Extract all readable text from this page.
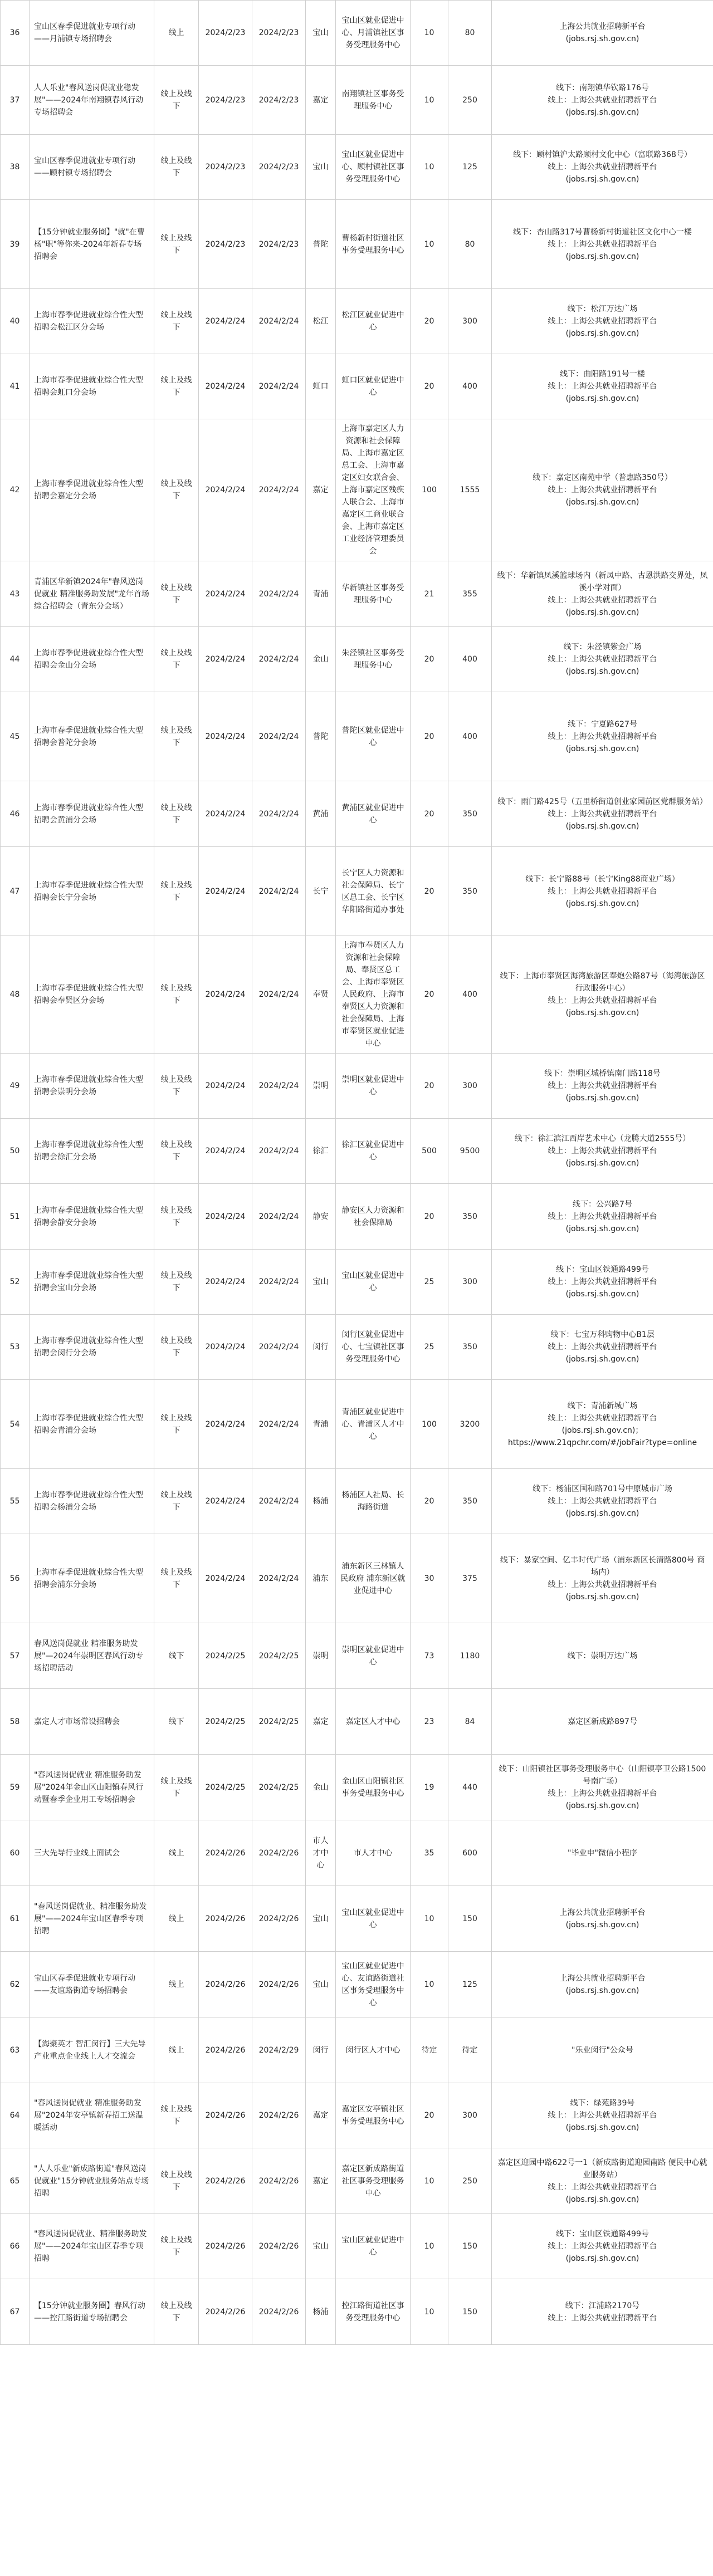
36	宝山区春季促进就业专项行动——月浦镇专场招聘会	线上	2024/2/23	2024/2/23	宝山	宝山区就业促进中心、月浦镇社区事务受理服务中心	10	80	上海公共就业招聘新平台
(jobs.rsj.sh.gov.cn)

37	人人乐业"春风送岗促就业稳发展"——2024年南翔镇春风行动专场招聘会	线上及线下	2024/2/23	2024/2/23	嘉定	南翔镇社区事务受理服务中心	10	250	线下：南翔镇华钦路176号
线上：上海公共就业招聘新平台
(jobs.rsj.sh.gov.cn)

38	宝山区春季促进就业专项行动——顾村镇专场招聘会	线上及线下	2024/2/23	2024/2/23	宝山	宝山区就业促进中心、顾村镇社区事务受理服务中心	10	125	线下：顾村镇沪太路顾村文化中心（富联路368号）
线上：上海公共就业招聘新平台
(jobs.rsj.sh.gov.cn)

39	【15分钟就业服务圈】"就"在曹杨"职"等你来-2024年新春专场招聘会	线上及线下	2024/2/23	2024/2/23	普陀	曹杨新村街道社区事务受理服务中心	10	80	线下：杏山路317号曹杨新村街道社区文化中心一楼
线上：上海公共就业招聘新平台
(jobs.rsj.sh.gov.cn)

40	上海市春季促进就业综合性大型招聘会松江区分会场	线上及线下	2024/2/24	2024/2/24	松江	松江区就业促进中心	20	300	线下：松江万达广场
线上：上海公共就业招聘新平台
(jobs.rsj.sh.gov.cn)

41	上海市春季促进就业综合性大型招聘会虹口分会场	线上及线下	2024/2/24	2024/2/24	虹口	虹口区就业促进中心	20	400	线下：曲阳路191号一楼
线上：上海公共就业招聘新平台
(jobs.rsj.sh.gov.cn)

42	上海市春季促进就业综合性大型招聘会嘉定分会场	线上及线下	2024/2/24	2024/2/24	嘉定	上海市嘉定区人力资源和社会保障局、上海市嘉定区总工会、上海市嘉定区妇女联合会、上海市嘉定区残疾人联合会、上海市嘉定区工商业联合会、上海市嘉定区工业经济管理委员会	100	1555	线下：嘉定区南苑中学（普惠路350号）
线上：上海公共就业招聘新平台
(jobs.rsj.sh.gov.cn)

43	青浦区华新镇2024年"春风送岗促就业 精准服务助发展"龙年首场综合招聘会（青东分会场）	线上及线下	2024/2/24	2024/2/24	青浦	华新镇社区事务受理服务中心	21	355	线下：华新镇凤溪篮球场内（新凤中路、古恩洪路交界处，凤溪小学对面）
线上：上海公共就业招聘新平台
(jobs.rsj.sh.gov.cn)

44	上海市春季促进就业综合性大型招聘会金山分会场	线上及线下	2024/2/24	2024/2/24	金山	朱泾镇社区事务受理服务中心	20	400	线下：朱泾镇紫金广场
线上：上海公共就业招聘新平台
(jobs.rsj.sh.gov.cn)

45	上海市春季促进就业综合性大型招聘会普陀分会场	线上及线下	2024/2/24	2024/2/24	普陀	普陀区就业促进中心	20	400	线下：宁夏路627号
线上：上海公共就业招聘新平台
(jobs.rsj.sh.gov.cn)

46	上海市春季促进就业综合性大型招聘会黄浦分会场	线上及线下	2024/2/24	2024/2/24	黄浦	黄浦区就业促进中心	20	350	线下：雨门路425号（五里桥街道创业家园前区党群服务站）
线上：上海公共就业招聘新平台
(jobs.rsj.sh.gov.cn)

47	上海市春季促进就业综合性大型招聘会长宁分会场	线上及线下	2024/2/24	2024/2/24	长宁	长宁区人力资源和社会保障局、长宁区总工会、长宁区华阳路街道办事处	20	350	线下：长宁路88号（长宁King88商业广场）
线上：上海公共就业招聘新平台
(jobs.rsj.sh.gov.cn)

48	上海市春季促进就业综合性大型招聘会奉贤区分会场	线上及线下	2024/2/24	2024/2/24	奉贤	上海市奉贤区人力资源和社会保障局、奉贤区总工会、上海市奉贤区人民政府、上海市奉贤区人力资源和社会保障局、上海市奉贤区就业促进中心	20	400	线下：上海市奉贤区海湾旅游区奉炮公路87号（海湾旅游区行政服务中心）
线上：上海公共就业招聘新平台
(jobs.rsj.sh.gov.cn)

49	上海市春季促进就业综合性大型招聘会崇明分会场	线上及线下	2024/2/24	2024/2/24	崇明	崇明区就业促进中心	20	300	线下：崇明区城桥镇南门路118号
线上：上海公共就业招聘新平台
(jobs.rsj.sh.gov.cn)

50	上海市春季促进就业综合性大型招聘会徐汇分会场	线上及线下	2024/2/24	2024/2/24	徐汇	徐汇区就业促进中心	500	9500	线下：徐汇滨江西岸艺术中心（龙腾大道2555号）
线上：上海公共就业招聘新平台
(jobs.rsj.sh.gov.cn)

51	上海市春季促进就业综合性大型招聘会静安分会场	线上及线下	2024/2/24	2024/2/24	静安	静安区人力资源和社会保障局	20	350	线下：公兴路7号
线上：上海公共就业招聘新平台
(jobs.rsj.sh.gov.cn)

52	上海市春季促进就业综合性大型招聘会宝山分会场	线上及线下	2024/2/24	2024/2/24	宝山	宝山区就业促进中心	25	300	线下：宝山区铁通路499号
线上：上海公共就业招聘新平台
(jobs.rsj.sh.gov.cn)

53	上海市春季促进就业综合性大型招聘会闵行分会场	线上及线下	2024/2/24	2024/2/24	闵行	闵行区就业促进中心、七宝镇社区事务受理服务中心	25	350	线下：七宝万科购物中心B1层
线上：上海公共就业招聘新平台
(jobs.rsj.sh.gov.cn)

54	上海市春季促进就业综合性大型招聘会青浦分会场	线上及线下	2024/2/24	2024/2/24	青浦	青浦区就业促进中心、青浦区人才中心	100	3200	线下：青浦新城广场
线上：上海公共就业招聘新平台
(jobs.rsj.sh.gov.cn)；
https://www.21qpchr.com/#/jobFair?type=online

55	上海市春季促进就业综合性大型招聘会杨浦分会场	线上及线下	2024/2/24	2024/2/24	杨浦	杨浦区人社局、长海路街道	20	350	线下：杨浦区国和路701号中原城市广场
线上：上海公共就业招聘新平台
(jobs.rsj.sh.gov.cn)

56	上海市春季促进就业综合性大型招聘会浦东分会场	线上及线下	2024/2/24	2024/2/24	浦东	浦东新区三林镇人民政府 浦东新区就业促进中心	30	375	线下：暴家空间、亿丰时代广场（浦东新区长清路800号 商场内）
线上：上海公共就业招聘新平台
(jobs.rsj.sh.gov.cn)

57	春风送岗促就业 精准服务助发展"—2024年崇明区春风行动专场招聘活动	线下	2024/2/25	2024/2/25	崇明	崇明区就业促进中心	73	1180	线下：崇明万达广场

58	嘉定人才市场常设招聘会	线下	2024/2/25	2024/2/25	嘉定	嘉定区人才中心	23	84	嘉定区新成路897号

59	"春风送岗促就业 精准服务助发展"2024年金山区山阳镇春风行动暨春季企业用工专场招聘会	线上及线下	2024/2/25	2024/2/25	金山	金山区山阳镇社区事务受理服务中心	19	440	线下：山阳镇社区事务受理服务中心（山阳镇亭卫公路1500号南广场）
线上：上海公共就业招聘新平台
(jobs.rsj.sh.gov.cn)

60	三大先导行业线上面试会	线上	2024/2/26	2024/2/26	市人才中心	市人才中心	35	600	"毕业申"微信小程序

61	"春风送岗促就业、精准服务助发展"——2024年宝山区春季专项招聘	线上	2024/2/26	2024/2/26	宝山	宝山区就业促进中心	10	150	上海公共就业招聘新平台
(jobs.rsj.sh.gov.cn)

62	宝山区春季促进就业专项行动——友谊路街道专场招聘会	线上	2024/2/26	2024/2/26	宝山	宝山区就业促进中心、友谊路街道社区事务受理服务中心	10	125	上海公共就业招聘新平台
(jobs.rsj.sh.gov.cn)

63	【海聚英才 智汇闵行】三大先导产业重点企业线上人才交流会	线上	2024/2/26	2024/2/29	闵行	闵行区人才中心	待定	待定	"乐业闵行"公众号

64	"春风送岗促就业 精准服务助发展"2024年安亭镇新春招工送温暖活动	线上及线下	2024/2/26	2024/2/26	嘉定	嘉定区安亭镇社区事务受理服务中心	20	300	线下：绿苑路39号
线上：上海公共就业招聘新平台
(jobs.rsj.sh.gov.cn)

65	"人人乐业"新成路街道"春风送岗促就业"15分钟就业服务站点专场招聘	线上及线下	2024/2/26	2024/2/26	嘉定	嘉定区新成路街道社区事务受理服务中心	10	250	嘉定区迎园中路622号一1（新成路街道迎园南路 便民中心就业服务站）
线上：上海公共就业招聘新平台
(jobs.rsj.sh.gov.cn)

66	"春风送岗促就业、精准服务助发展"——2024年宝山区春季专项招聘	线上及线下	2024/2/26	2024/2/26	宝山	宝山区就业促进中心	10	150	线下：宝山区铁通路499号
线上：上海公共就业招聘新平台
(jobs.rsj.sh.gov.cn)

67	【15分钟就业服务圈】春风行动——控江路街道专场招聘会	线上及线下	2024/2/26	2024/2/26	杨浦	控江路街道社区事务受理服务中心	10	150	线下：江浦路2170号
线上：上海公共就业招聘新平台
